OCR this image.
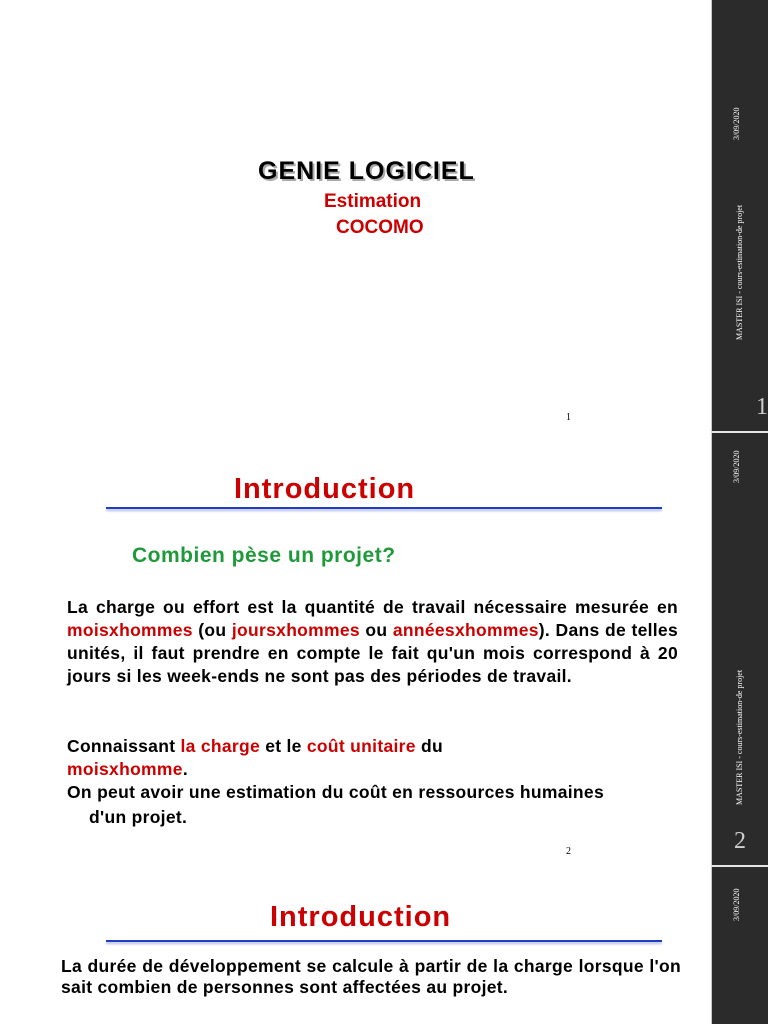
3/09/2020
MASTER ISI - cours-estimation-de projet
1
3/09/2020
MASTER ISI - cours-estimation-de projet
2
3/09/2020
GENIE LOGICIEL
Estimation
COCOMO
1
Introduction
Combien pèse un projet?
La charge ou effort est la quantité de travail nécessaire mesurée en moisxhommes (ou joursxhommes ou annéesxhommes). Dans de telles unités, il faut prendre en compte le fait qu'un mois correspond à 20 jours si les week-ends ne sont pas des périodes de travail.
Connaissant la charge et le coût unitaire du
moisxhomme.
On peut avoir une estimation du coût en ressources humaines
d'un projet.
2
Introduction
La durée de développement se calcule à partir de la charge lorsque l'on sait combien de personnes sont affectées au projet.
